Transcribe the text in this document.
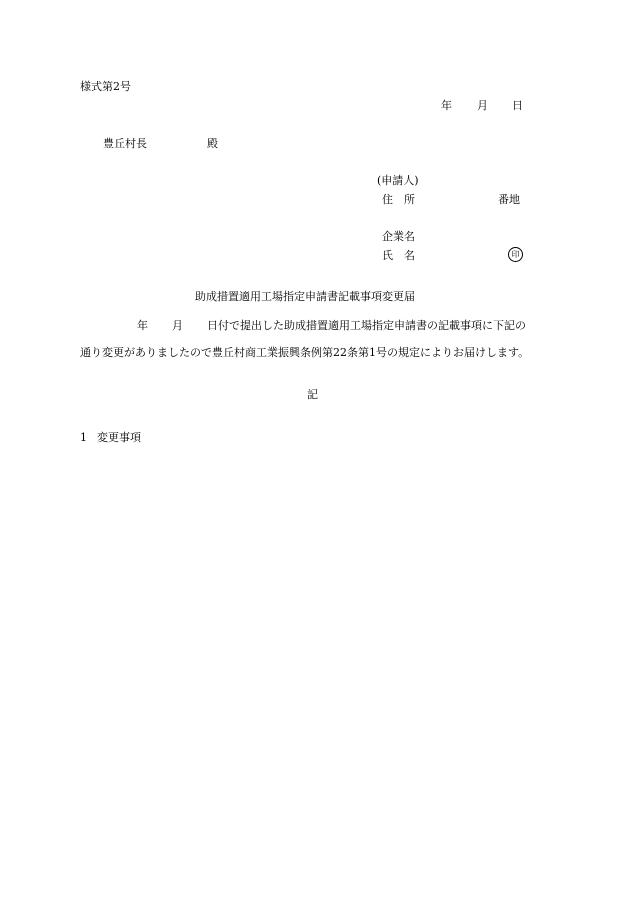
様式第2号
年 月 日
豊丘村長	殿
(申請人)
住　所	番地
企業名
氏　名	印
助成措置適用工場指定申請書記載事項変更届
年 月 日付で提出した助成措置適用工場指定申請書の記載事項に下記の
通り変更がありましたので豊丘村商工業振興条例第22条第1号の規定によりお届けします。
記
1 変更事項
